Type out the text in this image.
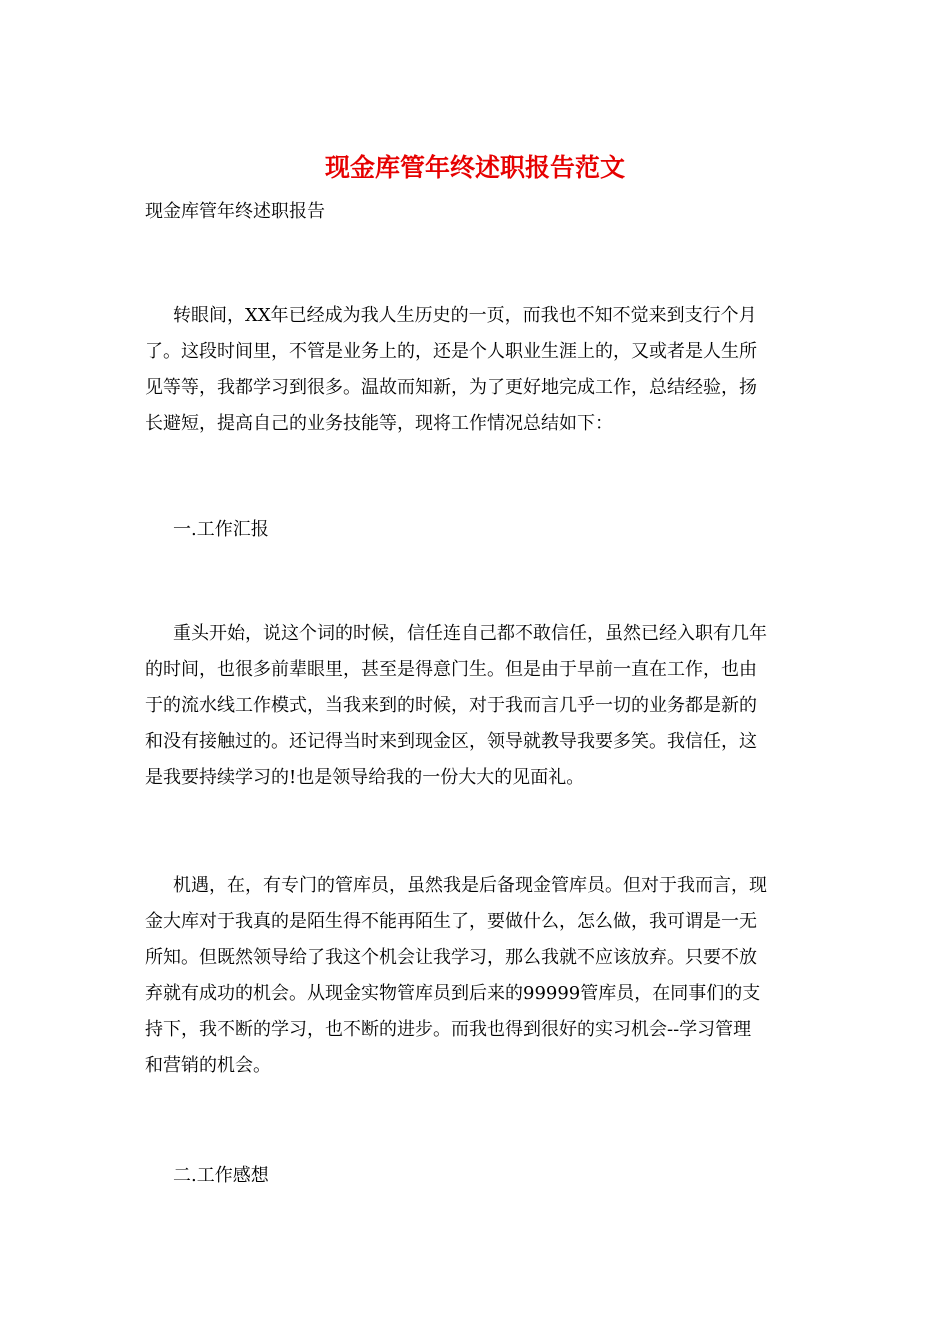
现金库管年终述职报告范文
现金库管年终述职报告
转眼间，XX年已经成为我人生历史的一页，而我也不知不觉来到支行个月
了。这段时间里，不管是业务上的，还是个人职业生涯上的，又或者是人生所
见等等，我都学习到很多。温故而知新，为了更好地完成工作，总结经验，扬
长避短，提高自己的业务技能等，现将工作情况总结如下：
一.工作汇报
重头开始，说这个词的时候，信任连自己都不敢信任，虽然已经入职有几年
的时间，也很多前辈眼里，甚至是得意门生。但是由于早前一直在工作，也由
于的流水线工作模式，当我来到的时候，对于我而言几乎一切的业务都是新的
和没有接触过的。还记得当时来到现金区，领导就教导我要多笑。我信任，这
是我要持续学习的!也是领导给我的一份大大的见面礼。
机遇，在，有专门的管库员，虽然我是后备现金管库员。但对于我而言，现
金大库对于我真的是陌生得不能再陌生了，要做什么，怎么做，我可谓是一无
所知。但既然领导给了我这个机会让我学习，那么我就不应该放弃。只要不放
弃就有成功的机会。从现金实物管库员到后来的99999管库员，在同事们的支
持下，我不断的学习，也不断的进步。而我也得到很好的实习机会--学习管理
和营销的机会。
二.工作感想
